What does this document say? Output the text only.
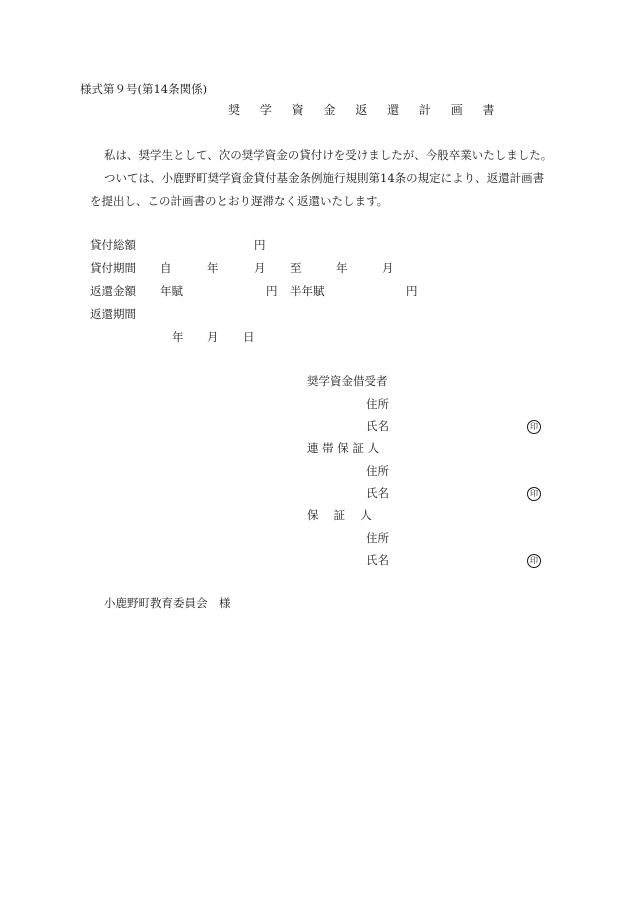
様式第９号(第14条関係)
奨 学 資 金 返 還 計 画 書
私は、奨学生として、次の奨学資金の貸付けを受けましたが、今般卒業いたしました。
ついては、小鹿野町奨学資金貸付基金条例施行規則第14条の規定により、返還計画書
を提出し、この計画書のとおり遅滞なく返還いたします。
貸付総額	円
貸付期間 自	年	月 至	年	月
返還金額 年賦	円 半年賦	円
返還期間
年 月 日
奨学資金借受者
住所
氏名	印
連 帯 保 証 人
住所
氏名	印
保　 証　 人
住所
氏名	印
小鹿野町教育委員会　様
